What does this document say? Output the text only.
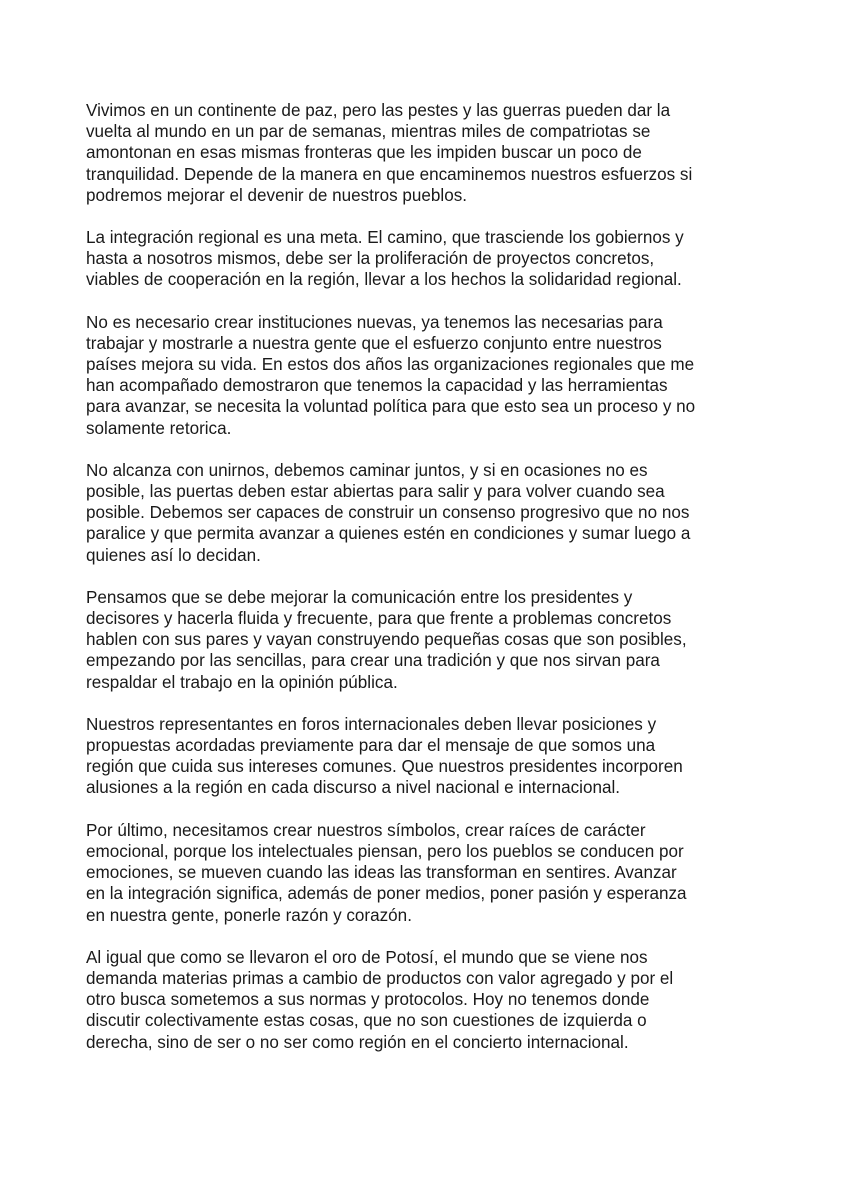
Vivimos en un continente de paz, pero las pestes y las guerras pueden dar la
vuelta al mundo en un par de semanas, mientras miles de compatriotas se
amontonan en esas mismas fronteras que les impiden buscar un poco de
tranquilidad. Depende de la manera en que encaminemos nuestros esfuerzos si
podremos mejorar el devenir de nuestros pueblos.

La integración regional es una meta. El camino, que trasciende los gobiernos y
hasta a nosotros mismos, debe ser la proliferación de proyectos concretos,
viables de cooperación en la región, llevar a los hechos la solidaridad regional.

No es necesario crear instituciones nuevas, ya tenemos las necesarias para
trabajar y mostrarle a nuestra gente que el esfuerzo conjunto entre nuestros
países mejora su vida. En estos dos años las organizaciones regionales que me
han acompañado demostraron que tenemos la capacidad y las herramientas
para avanzar, se necesita la voluntad política para que esto sea un proceso y no
solamente retorica.

No alcanza con unirnos, debemos caminar juntos, y si en ocasiones no es
posible, las puertas deben estar abiertas para salir y para volver cuando sea
posible. Debemos ser capaces de construir un consenso progresivo que no nos
paralice y que permita avanzar a quienes estén en condiciones y sumar luego a
quienes así lo decidan.

Pensamos que se debe mejorar la comunicación entre los presidentes y
decisores y hacerla fluida y frecuente, para que frente a problemas concretos
hablen con sus pares y vayan construyendo pequeñas cosas que son posibles,
empezando por las sencillas, para crear una tradición y que nos sirvan para
respaldar el trabajo en la opinión pública.

Nuestros representantes en foros internacionales deben llevar posiciones y
propuestas acordadas previamente para dar el mensaje de que somos una
región que cuida sus intereses comunes. Que nuestros presidentes incorporen
alusiones a la región en cada discurso a nivel nacional e internacional.

Por último, necesitamos crear nuestros símbolos, crear raíces de carácter
emocional, porque los intelectuales piensan, pero los pueblos se conducen por
emociones, se mueven cuando las ideas las transforman en sentires. Avanzar
en la integración significa, además de poner medios, poner pasión y esperanza
en nuestra gente, ponerle razón y corazón.

Al igual que como se llevaron el oro de Potosí, el mundo que se viene nos
demanda materias primas a cambio de productos con valor agregado y por el
otro busca sometemos a sus normas y protocolos. Hoy no tenemos donde
discutir colectivamente estas cosas, que no son cuestiones de izquierda o
derecha, sino de ser o no ser como región en el concierto internacional.
